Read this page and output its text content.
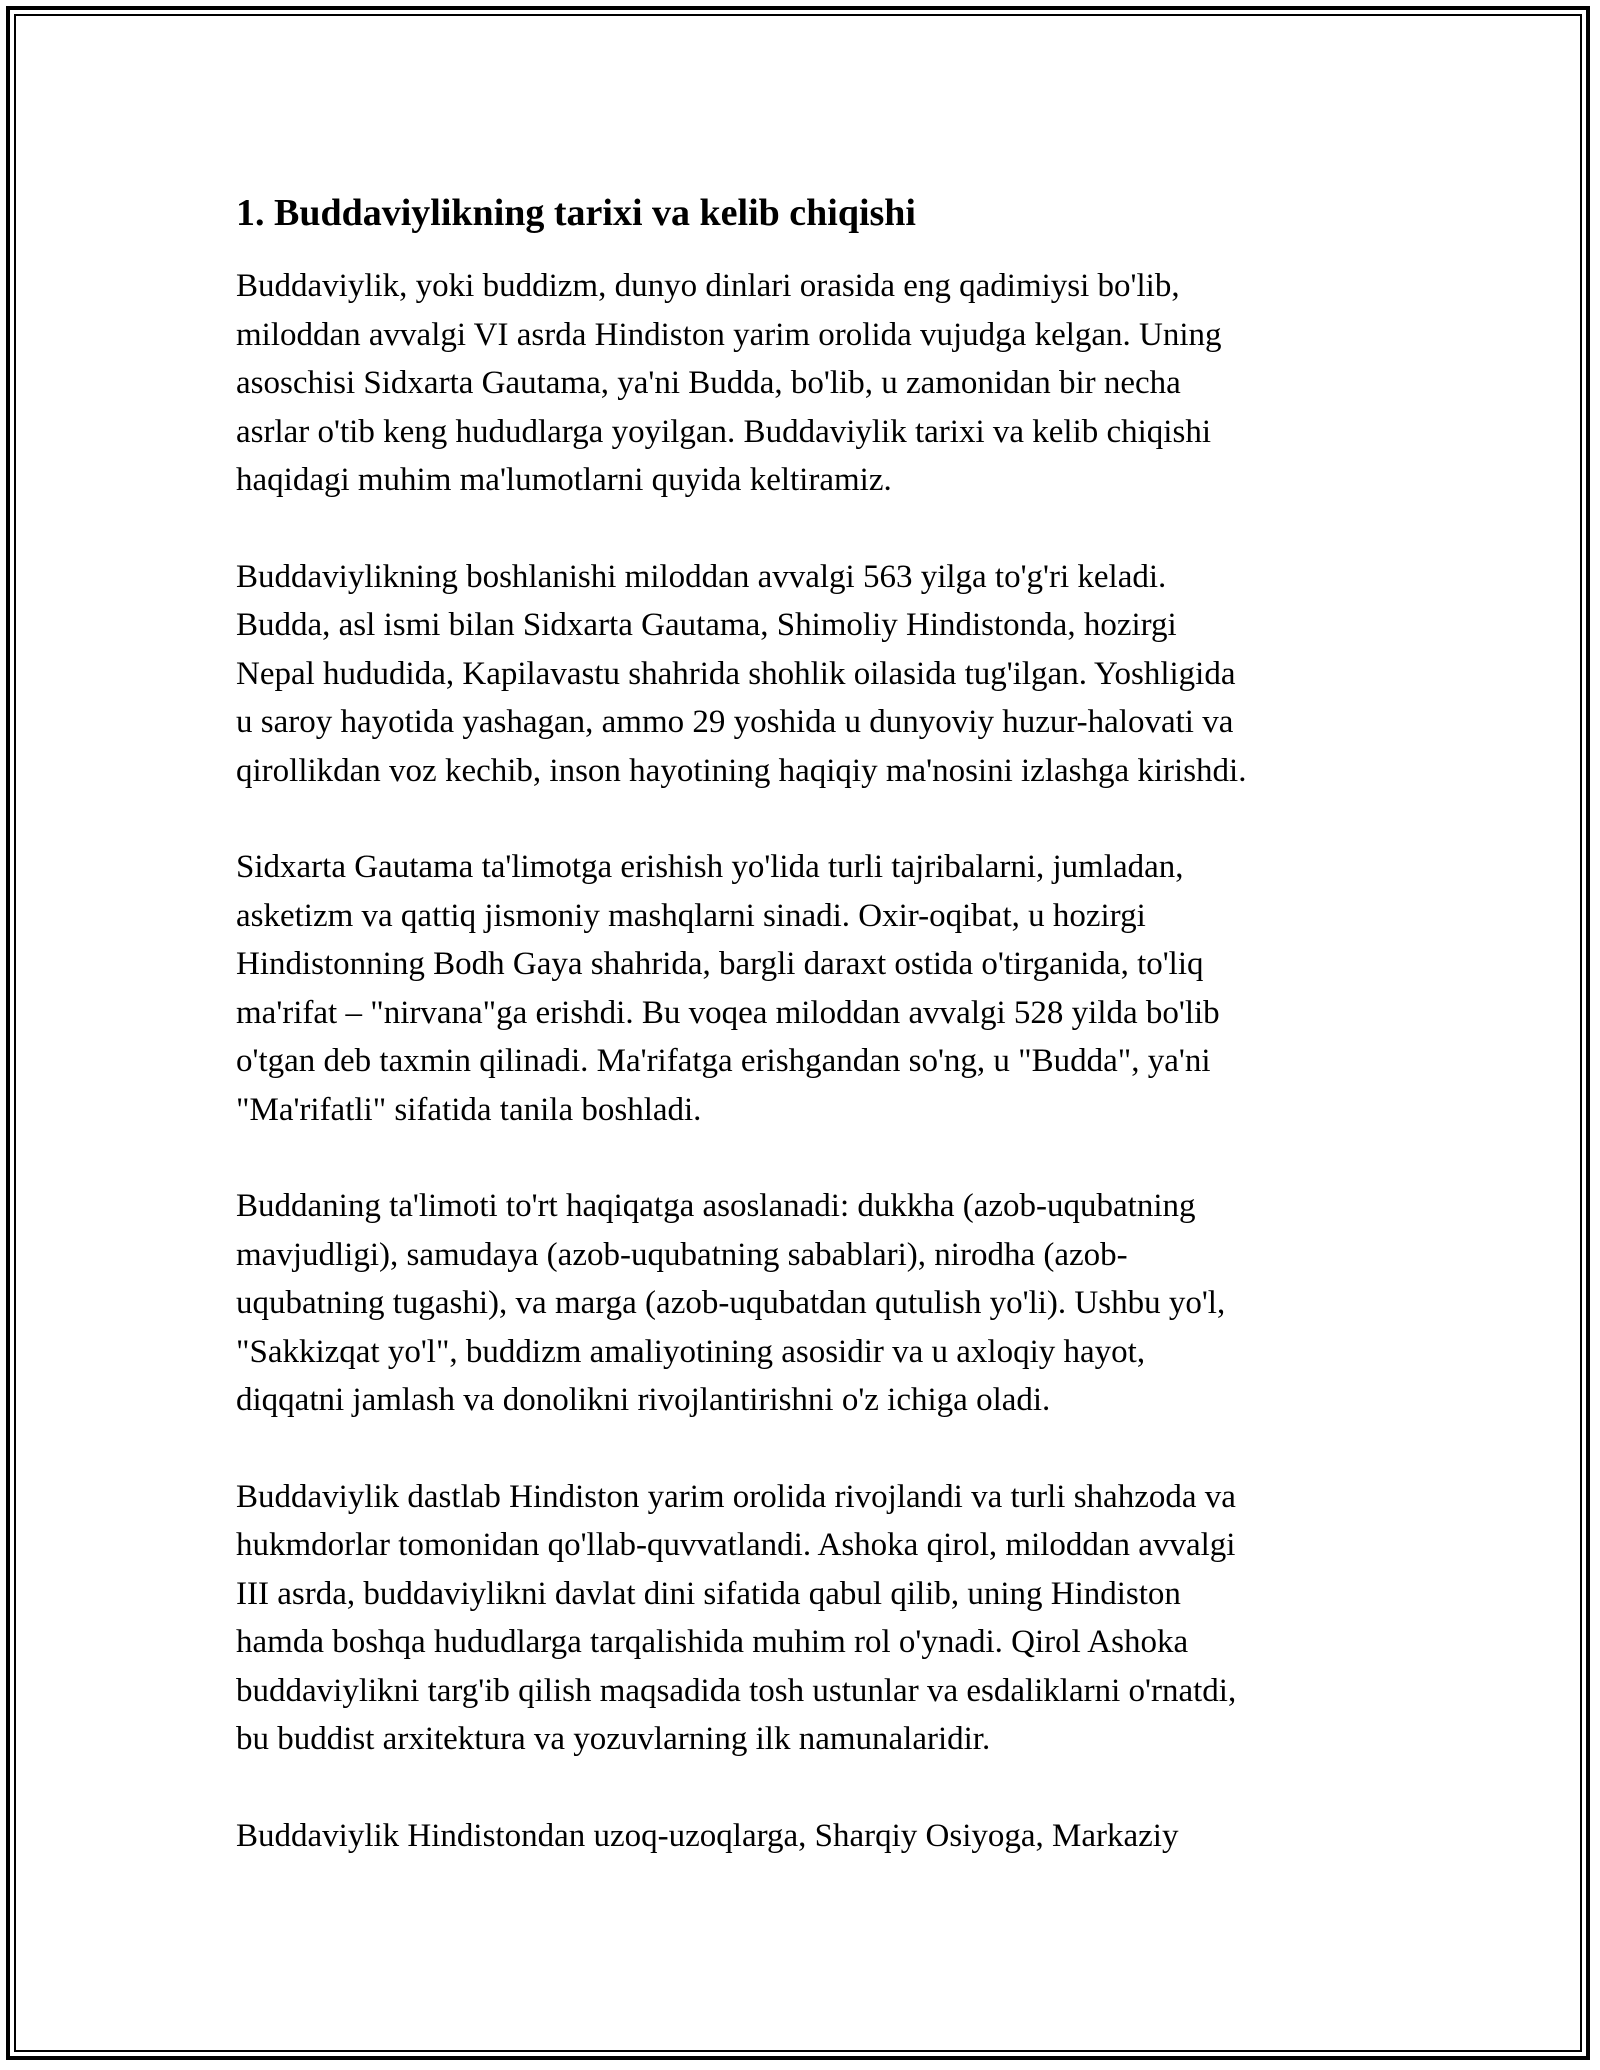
1. Buddaviylikning tarixi va kelib chiqishi

Buddaviylik, yoki buddizm, dunyo dinlari orasida eng qadimiysi bo'lib,
miloddan avvalgi VI asrda Hindiston yarim orolida vujudga kelgan. Uning
asoschisi Sidxarta Gautama, ya'ni Budda, bo'lib, u zamonidan bir necha
asrlar o'tib keng hududlarga yoyilgan. Buddaviylik tarixi va kelib chiqishi
haqidagi muhim ma'lumotlarni quyida keltiramiz.

Buddaviylikning boshlanishi miloddan avvalgi 563 yilga to'g'ri keladi.
Budda, asl ismi bilan Sidxarta Gautama, Shimoliy Hindistonda, hozirgi
Nepal hududida, Kapilavastu shahrida shohlik oilasida tug'ilgan. Yoshligida
u saroy hayotida yashagan, ammo 29 yoshida u dunyoviy huzur-halovati va
qirollikdan voz kechib, inson hayotining haqiqiy ma'nosini izlashga kirishdi.

Sidxarta Gautama ta'limotga erishish yo'lida turli tajribalarni, jumladan,
asketizm va qattiq jismoniy mashqlarni sinadi. Oxir-oqibat, u hozirgi
Hindistonning Bodh Gaya shahrida, bargli daraxt ostida o'tirganida, to'liq
ma'rifat – "nirvana"ga erishdi. Bu voqea miloddan avvalgi 528 yilda bo'lib
o'tgan deb taxmin qilinadi. Ma'rifatga erishgandan so'ng, u "Budda", ya'ni
"Ma'rifatli" sifatida tanila boshladi.

Buddaning ta'limoti to'rt haqiqatga asoslanadi: dukkha (azob-uqubatning
mavjudligi), samudaya (azob-uqubatning sabablari), nirodha (azob-
uqubatning tugashi), va marga (azob-uqubatdan qutulish yo'li). Ushbu yo'l,
"Sakkizqat yo'l", buddizm amaliyotining asosidir va u axloqiy hayot,
diqqatni jamlash va donolikni rivojlantirishni o'z ichiga oladi.

Buddaviylik dastlab Hindiston yarim orolida rivojlandi va turli shahzoda va
hukmdorlar tomonidan qo'llab-quvvatlandi. Ashoka qirol, miloddan avvalgi
III asrda, buddaviylikni davlat dini sifatida qabul qilib, uning Hindiston
hamda boshqa hududlarga tarqalishida muhim rol o'ynadi. Qirol Ashoka
buddaviylikni targ'ib qilish maqsadida tosh ustunlar va esdaliklarni o'rnatdi,
bu buddist arxitektura va yozuvlarning ilk namunalaridir.

Buddaviylik Hindistondan uzoq-uzoqlarga, Sharqiy Osiyoga, Markaziy
